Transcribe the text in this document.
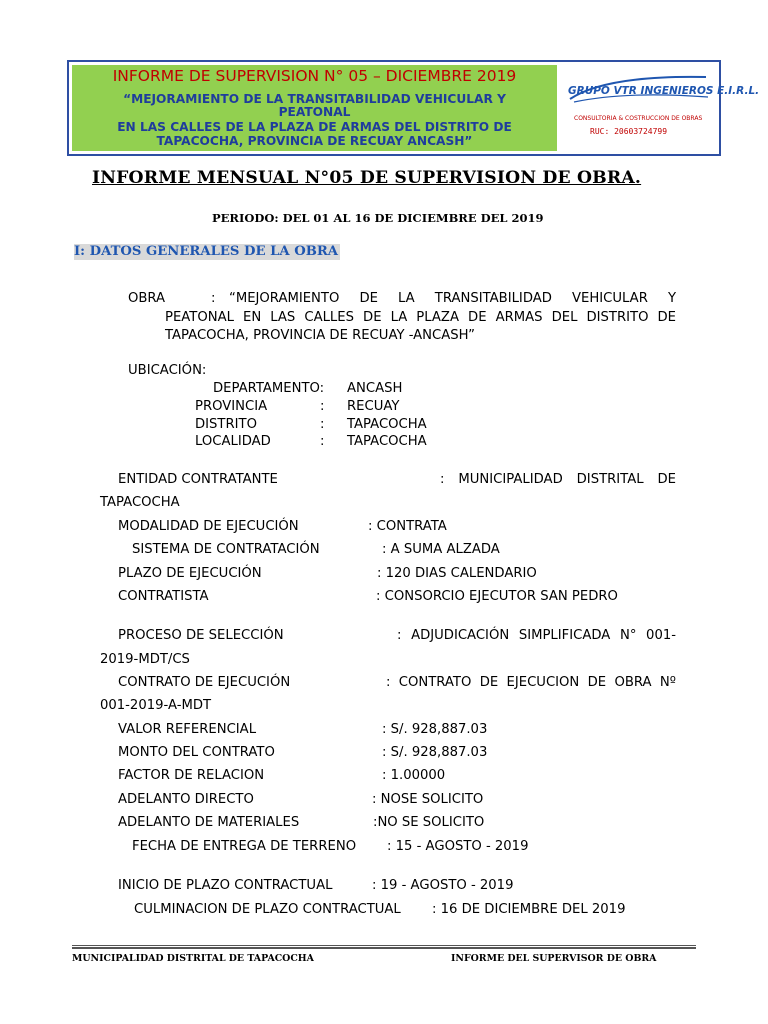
INFORME DE SUPERVISION N° 05 – DICIEMBRE 2019
“MEJORAMIENTO DE LA TRANSITABILIDAD VEHICULAR Y
PEATONAL
EN LAS CALLES DE LA PLAZA DE ARMAS DEL DISTRITO DE
TAPACOCHA, PROVINCIA DE RECUAY ANCASH”
GRUPO VTR INGENIEROS E.I.R.L.
CONSULTORIA & COSTRUCCION DE OBRAS
RUC: 20603724799
INFORME MENSUAL N°05 DE SUPERVISION DE OBRA.
PERIODO: DEL 01 AL 16 DE DICIEMBRE DEL 2019
I: DATOS GENERALES DE LA OBRA
OBRA	: “MEJORAMIENTO DE LA TRANSITABILIDAD VEHICULAR Y
PEATONAL EN LAS CALLES DE LA PLAZA DE ARMAS DEL DISTRITO DE
TAPACOCHA, PROVINCIA DE RECUAY -ANCASH”
UBICACIÓN:
DEPARTAMENTO: ANCASH
PROVINCIA	: RECUAY
DISTRITO	: TAPACOCHA
LOCALIDAD	: TAPACOCHA
ENTIDAD CONTRATANTE	: MUNICIPALIDAD DISTRITAL DE
TAPACOCHA
MODALIDAD DE EJECUCIÓN	: CONTRATA
SISTEMA DE CONTRATACIÓN	: A SUMA ALZADA
PLAZO DE EJECUCIÓN	: 120 DIAS CALENDARIO
CONTRATISTA	: CONSORCIO EJECUTOR SAN PEDRO
PROCESO DE SELECCIÓN	: ADJUDICACIÓN SIMPLIFICADA N° 001-
2019-MDT/CS
CONTRATO DE EJECUCIÓN	: CONTRATO DE EJECUCION DE OBRA Nº
001-2019-A-MDT
VALOR REFERENCIAL	: S/. 928,887.03
MONTO DEL CONTRATO	: S/. 928,887.03
FACTOR DE RELACION	: 1.00000
ADELANTO DIRECTO	: NOSE SOLICITO
ADELANTO DE MATERIALES	:NO SE SOLICITO
FECHA DE ENTREGA DE TERRENO : 15 - AGOSTO - 2019
INICIO DE PLAZO CONTRACTUAL	: 19 - AGOSTO - 2019
CULMINACION DE PLAZO CONTRACTUAL : 16 DE DICIEMBRE DEL 2019
MUNICIPALIDAD DISTRITAL DE TAPACOCHA	INFORME DEL SUPERVISOR DE OBRA
